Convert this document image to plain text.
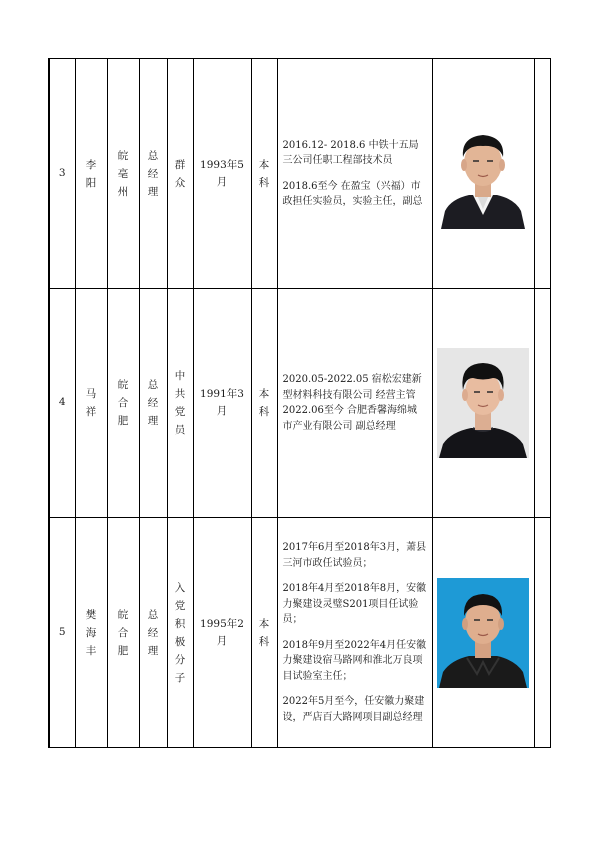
3	李阳	皖亳州	总经理	群众	1993年5月	本科	2016.12- 2018.6 中铁十五局三公司任职工程部技术员

2018.6至今 在盈宝（兴福）市政担任实验员，实验主任，副总

4	马祥	皖合肥	总经理	中共党员	1991年3月	本科	2020.05-2022.05 宿松宏建新型材料科技有限公司 经营主管

2022.06至今 合肥香馨海绵城市产业有限公司 副总经理

5	樊海丰	皖合肥	总经理	入党积极分子	1995年2月	本科	2017年6月至2018年3月，萧县三河市政任试验员；

2018年4月至2018年8月，安徽力聚建设灵璧S201项目任试验员；

2018年9月至2022年4月任安徽力聚建设宿马路网和淮北万良项目试验室主任；

2022年5月至今，任安徽力聚建设，严店百大路网项目副总经理
